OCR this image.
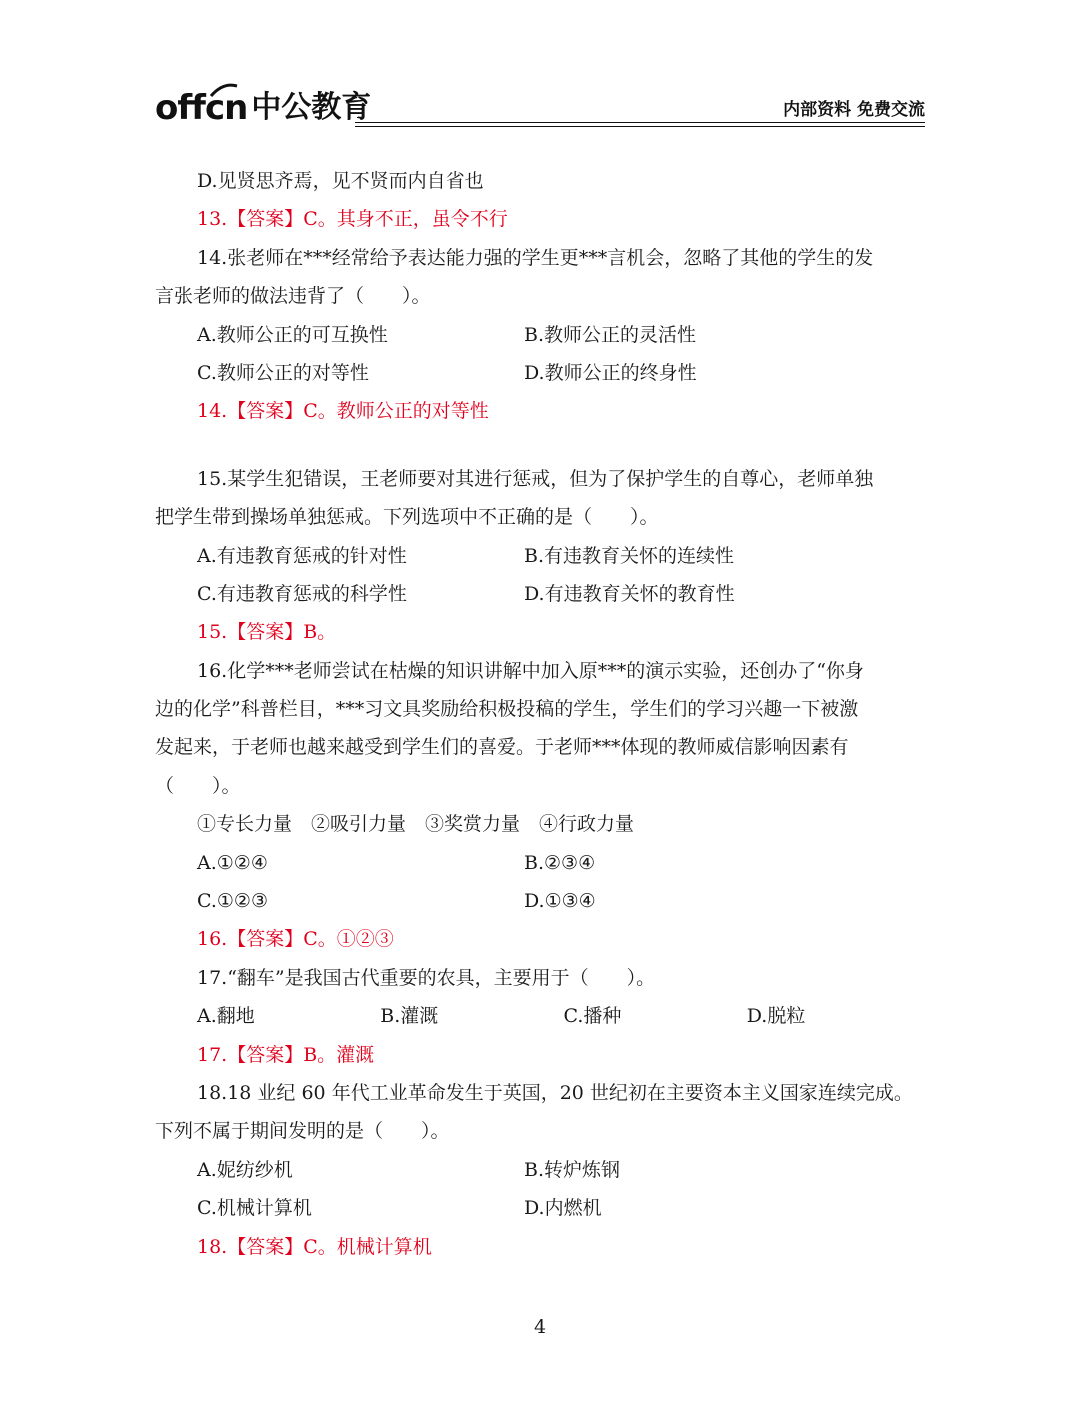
offcn 中公教育	内部资料 免费交流
D.见贤思齐焉，见不贤而内自省也
13.【答案】C。其身不正，虽令不行
14.张老师在***经常给予表达能力强的学生更***言机会，忽略了其他的学生的发
言张老师的做法违背了（　　）。
A.教师公正的可互换性	B.教师公正的灵活性
C.教师公正的对等性	D.教师公正的终身性
14.【答案】C。教师公正的对等性
15.某学生犯错误，王老师要对其进行惩戒，但为了保护学生的自尊心，老师单独
把学生带到操场单独惩戒。下列选项中不正确的是（　　）。
A.有违教育惩戒的针对性	B.有违教育关怀的连续性
C.有违教育惩戒的科学性	D.有违教育关怀的教育性
15.【答案】B。
16.化学***老师尝试在枯燥的知识讲解中加入原***的演示实验，还创办了“你身
边的化学”科普栏目，***习文具奖励给积极投稿的学生，学生们的学习兴趣一下被激
发起来，于老师也越来越受到学生们的喜爱。于老师***体现的教师威信影响因素有
（　　）。
①专长力量　②吸引力量　③奖赏力量　④行政力量
A.①②④	B.②③④
C.①②③	D.①③④
16.【答案】C。①②③
17.“翻车”是我国古代重要的农具，主要用于（　　）。
A.翻地	B.灌溉	C.播种	D.脱粒
17.【答案】B。灌溉
18.18 业纪 60 年代工业革命发生于英国，20 世纪初在主要资本主义国家连续完成。
下列不属于期间发明的是（　　）。
A.妮纺纱机	B.转炉炼钢
C.机械计算机	D.内燃机
18.【答案】C。机械计算机
4
